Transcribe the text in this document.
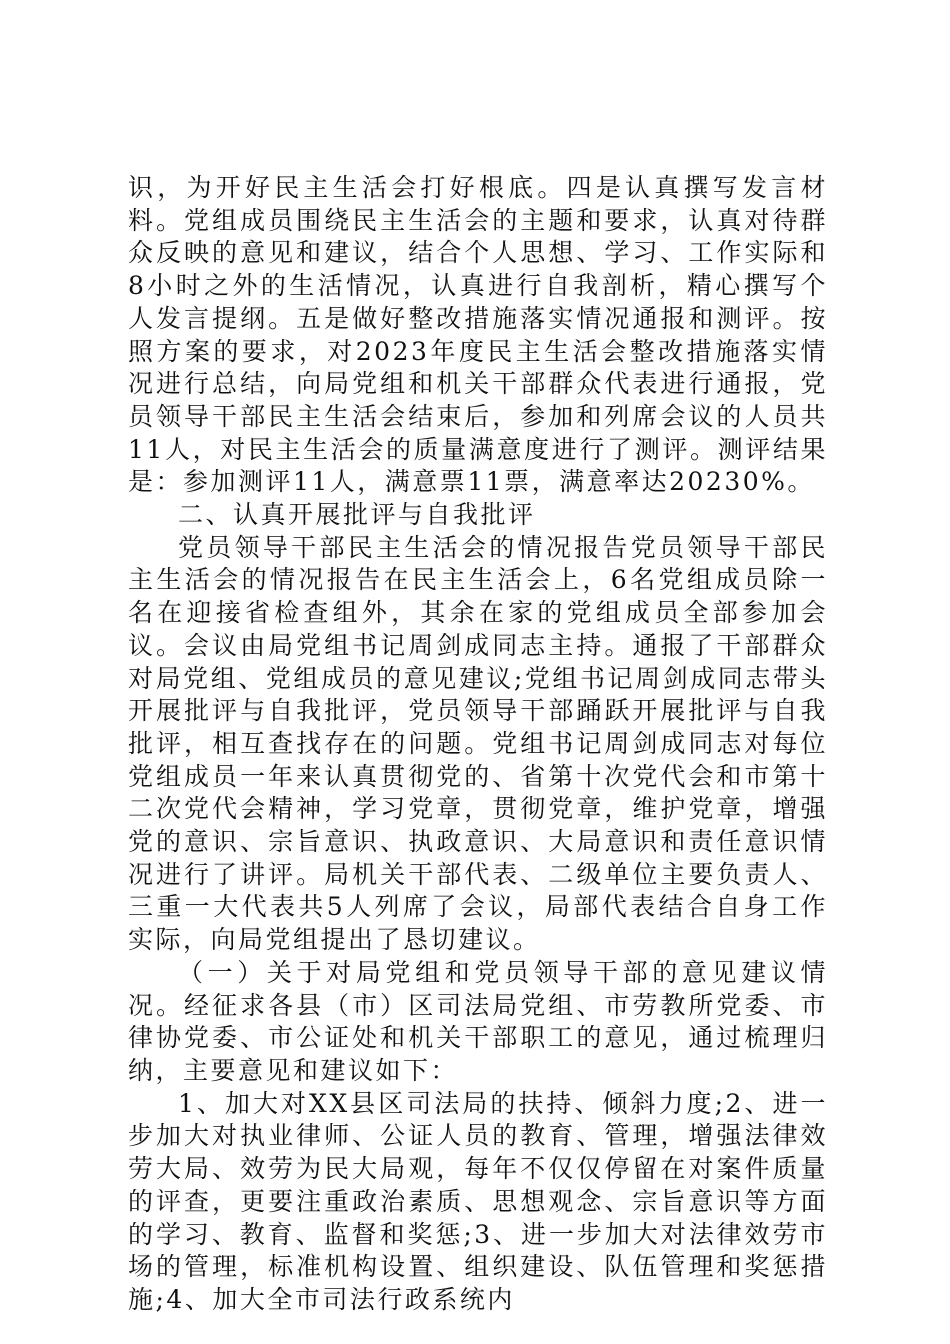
识，为开好民主生活会打好根底。四是认真撰写发言材料。党组成员围绕民主生活会的主题和要求，认真对待群众反映的意见和建议，结合个人思想、学习、工作实际和8小时之外的生活情况，认真进行自我剖析，精心撰写个人发言提纲。五是做好整改措施落实情况通报和测评。按照方案的要求，对2023年度民主生活会整改措施落实情况进行总结，向局党组和机关干部群众代表进行通报，党员领导干部民主生活会结束后，参加和列席会议的人员共11人，对民主生活会的质量满意度进行了测评。测评结果是：参加测评11人，满意票11票，满意率达20230%。

二、认真开展批评与自我批评

党员领导干部民主生活会的情况报告党员领导干部民主生活会的情况报告在民主生活会上，6名党组成员除一名在迎接省检查组外，其余在家的党组成员全部参加会议。会议由局党组书记周剑成同志主持。通报了干部群众对局党组、党组成员的意见建议;党组书记周剑成同志带头开展批评与自我批评，党员领导干部踊跃开展批评与自我批评，相互查找存在的问题。党组书记周剑成同志对每位党组成员一年来认真贯彻党的、省第十次党代会和市第十二次党代会精神，学习党章，贯彻党章，维护党章，增强党的意识、宗旨意识、执政意识、大局意识和责任意识情况进行了讲评。局机关干部代表、二级单位主要负责人、三重一大代表共5人列席了会议，局部代表结合自身工作实际，向局党组提出了恳切建议。

（一）关于对局党组和党员领导干部的意见建议情况。经征求各县（市）区司法局党组、市劳教所党委、市律协党委、市公证处和机关干部职工的意见，通过梳理归纳，主要意见和建议如下：

1、加大对XX县区司法局的扶持、倾斜力度;2、进一步加大对执业律师、公证人员的教育、管理，增强法律效劳大局、效劳为民大局观，每年不仅仅停留在对案件质量的评查，更要注重政治素质、思想观念、宗旨意识等方面的学习、教育、监督和奖惩;3、进一步加大对法律效劳市场的管理，标准机构设置、组织建设、队伍管理和奖惩措施;4、加大全市司法行政系统内
